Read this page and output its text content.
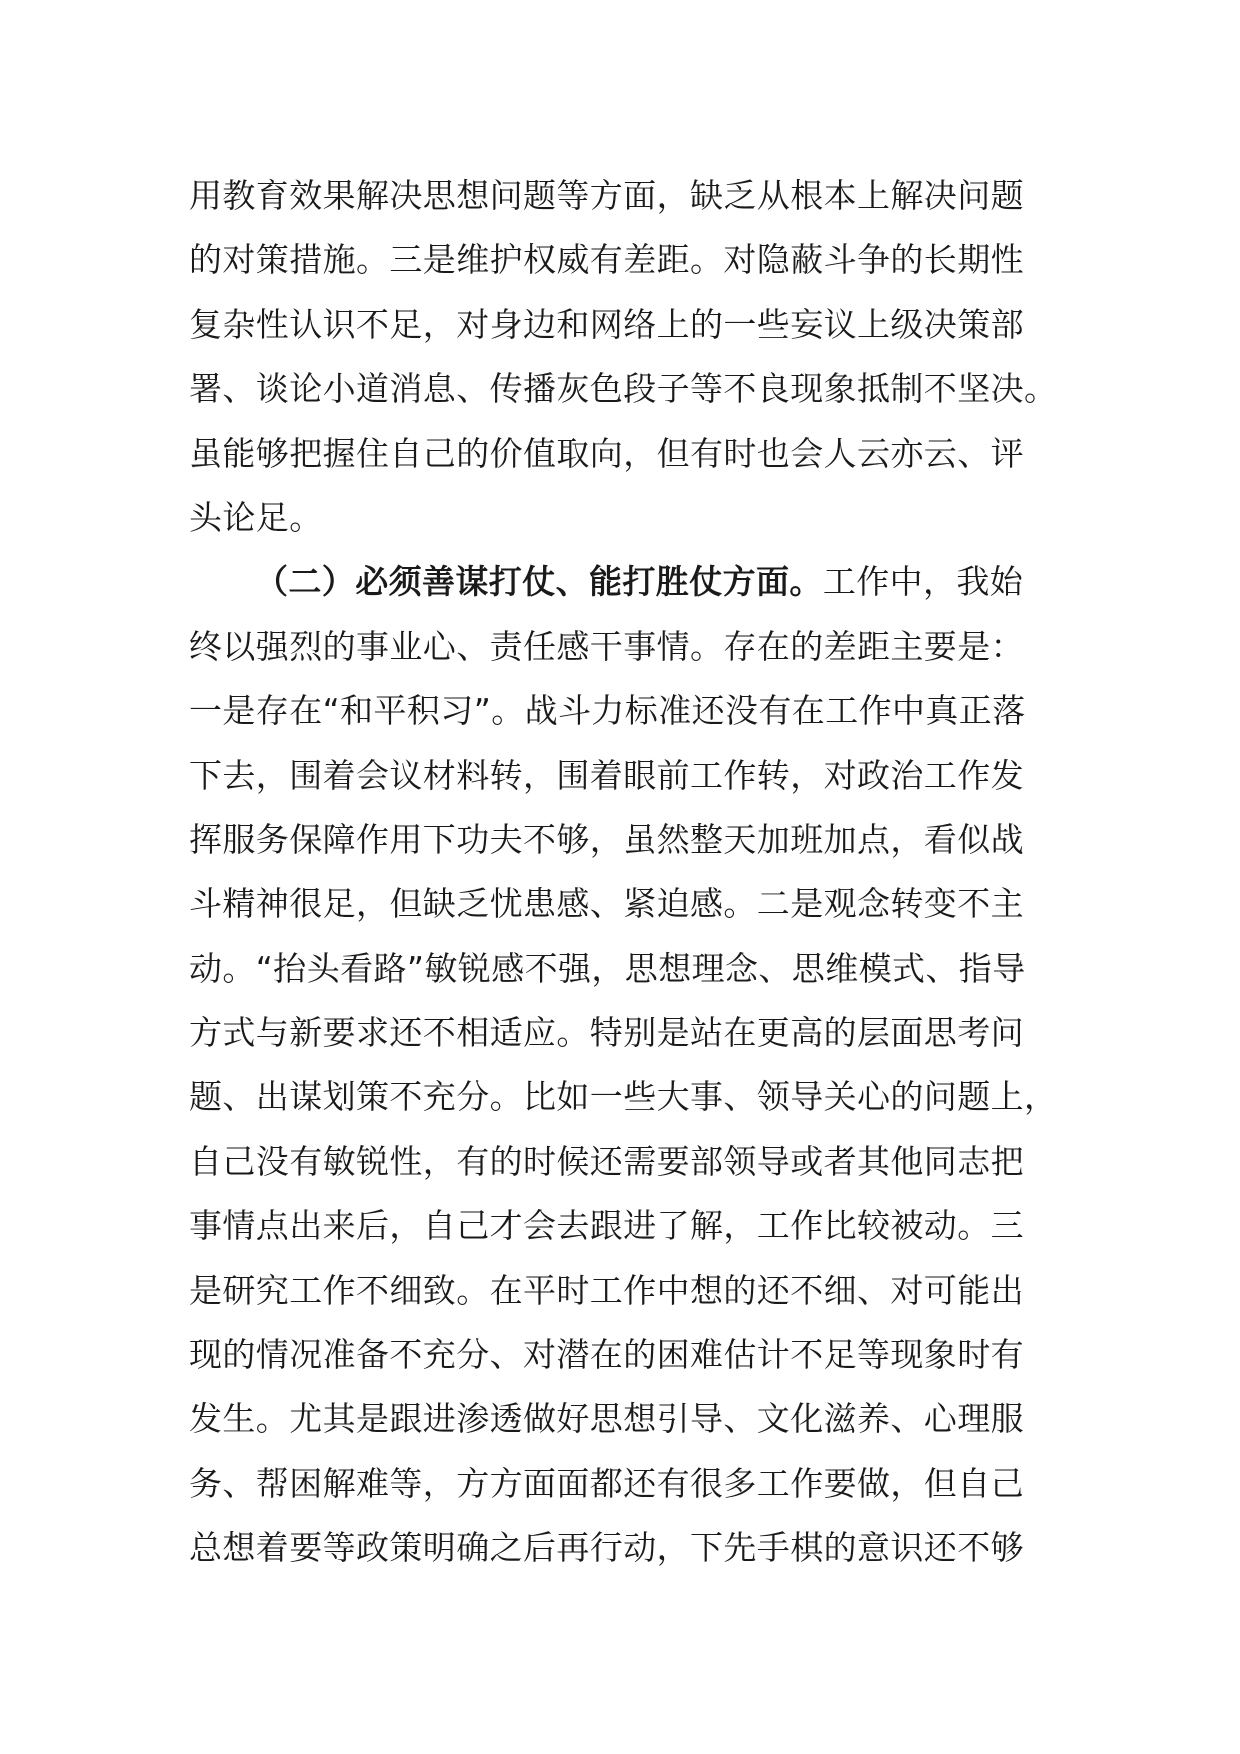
用教育效果解决思想问题等方面，缺乏从根本上解决问题
的对策措施。三是维护权威有差距。对隐蔽斗争的长期性
复杂性认识不足，对身边和网络上的一些妄议上级决策部
署、谈论小道消息、传播灰色段子等不良现象抵制不坚决。
虽能够把握住自己的价值取向，但有时也会人云亦云、评
头论足。
（二）必须善谋打仗、能打胜仗方面。工作中，我始
终以强烈的事业心、责任感干事情。存在的差距主要是：
一是存在“和平积习”。战斗力标准还没有在工作中真正落
下去，围着会议材料转，围着眼前工作转，对政治工作发
挥服务保障作用下功夫不够，虽然整天加班加点，看似战
斗精神很足，但缺乏忧患感、紧迫感。二是观念转变不主
动。“抬头看路”敏锐感不强，思想理念、思维模式、指导
方式与新要求还不相适应。特别是站在更高的层面思考问
题、出谋划策不充分。比如一些大事、领导关心的问题上，
自己没有敏锐性，有的时候还需要部领导或者其他同志把
事情点出来后，自己才会去跟进了解，工作比较被动。三
是研究工作不细致。在平时工作中想的还不细、对可能出
现的情况准备不充分、对潜在的困难估计不足等现象时有
发生。尤其是跟进渗透做好思想引导、文化滋养、心理服
务、帮困解难等，方方面面都还有很多工作要做，但自己
总想着要等政策明确之后再行动，下先手棋的意识还不够
